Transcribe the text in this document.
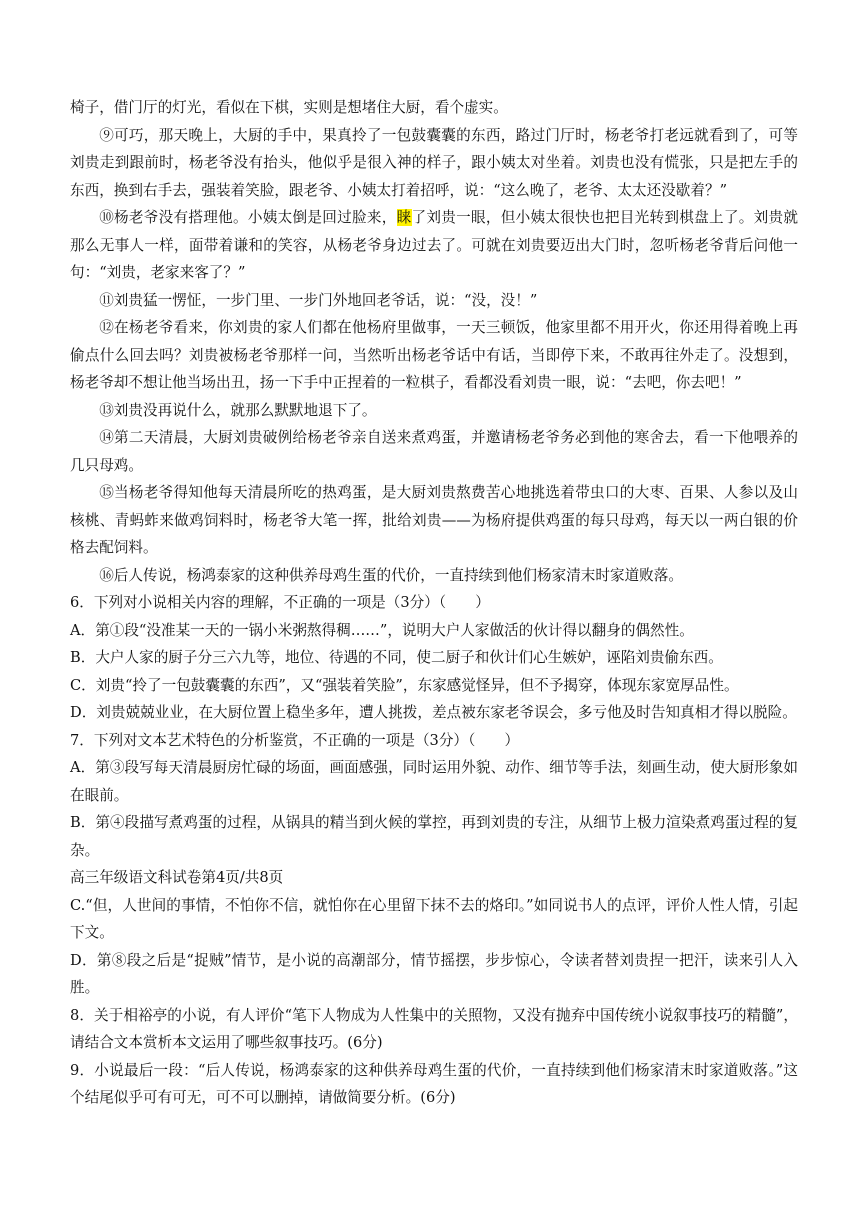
椅子，借门厅的灯光，看似在下棋，实则是想堵住大厨，看个虚实。

⑨可巧，那天晚上，大厨的手中，果真拎了一包鼓囊囊的东西，路过门厅时，杨老爷打老远就看到了，可等刘贵走到跟前时，杨老爷没有抬头，他似乎是很入神的样子，跟小姨太对坐着。刘贵也没有慌张，只是把左手的东西，换到右手去，强装着笑脸，跟老爷、小姨太打着招呼，说：“这么晚了，老爷、太太还没歇着？”

⑩杨老爷没有搭理他。小姨太倒是回过脸来，睐了刘贵一眼，但小姨太很快也把目光转到棋盘上了。刘贵就那么无事人一样，面带着谦和的笑容，从杨老爷身边过去了。可就在刘贵要迈出大门时，忽听杨老爷背后问他一句：“刘贵，老家来客了？”

⑪刘贵猛一愣怔，一步门里、一步门外地回老爷话，说：“没，没！”

⑫在杨老爷看来，你刘贵的家人们都在他杨府里做事，一天三顿饭，他家里都不用开火，你还用得着晚上再偷点什么回去吗？刘贵被杨老爷那样一问，当然听出杨老爷话中有话，当即停下来，不敢再往外走了。没想到，杨老爷却不想让他当场出丑，扬一下手中正捏着的一粒棋子，看都没看刘贵一眼，说：“去吧，你去吧！”

⑬刘贵没再说什么，就那么默默地退下了。

⑭第二天清晨，大厨刘贵破例给杨老爷亲自送来煮鸡蛋，并邀请杨老爷务必到他的寒舍去，看一下他喂养的几只母鸡。

⑮当杨老爷得知他每天清晨所吃的热鸡蛋，是大厨刘贵熬费苦心地挑选着带虫口的大枣、百果、人参以及山核桃、青蚂蚱来做鸡饲料时，杨老爷大笔一挥，批给刘贵——为杨府提供鸡蛋的每只母鸡，每天以一两白银的价格去配饲料。

⑯后人传说，杨鸿泰家的这种供养母鸡生蛋的代价，一直持续到他们杨家清末时家道败落。

6．下列对小说相关内容的理解，不正确的一项是（3分）（　　）

A．第①段“没准某一天的一锅小米粥熬得稠……”，说明大户人家做活的伙计得以翻身的偶然性。

B．大户人家的厨子分三六九等，地位、待遇的不同，使二厨子和伙计们心生嫉妒，诬陷刘贵偷东西。

C．刘贵“拎了一包鼓囊囊的东西”，又“强装着笑脸”，东家感觉怪异，但不予揭穿，体现东家宽厚品性。

D．刘贵兢兢业业，在大厨位置上稳坐多年，遭人挑拨，差点被东家老爷误会，多亏他及时告知真相才得以脱险。

7．下列对文本艺术特色的分析鉴赏，不正确的一项是（3分）（　　）

A．第③段写每天清晨厨房忙碌的场面，画面感强，同时运用外貌、动作、细节等手法，刻画生动，使大厨形象如在眼前。

B．第④段描写煮鸡蛋的过程，从锅具的精当到火候的掌控，再到刘贵的专注，从细节上极力渲染煮鸡蛋过程的复杂。

高三年级语文科试卷第4页/共8页

C.“但，人世间的事情，不怕你不信，就怕你在心里留下抹不去的烙印。”如同说书人的点评，评价人性人情，引起下文。

D．第⑧段之后是“捉贼”情节，是小说的高潮部分，情节摇摆，步步惊心，令读者替刘贵捏一把汗，读来引人入胜。

8．关于相裕亭的小说，有人评价“笔下人物成为人性集中的关照物，又没有抛弃中国传统小说叙事技巧的精髓”，请结合文本赏析本文运用了哪些叙事技巧。(6分)

9．小说最后一段：“后人传说，杨鸿泰家的这种供养母鸡生蛋的代价，一直持续到他们杨家清末时家道败落。”这个结尾似乎可有可无，可不可以删掉，请做简要分析。(6分)
